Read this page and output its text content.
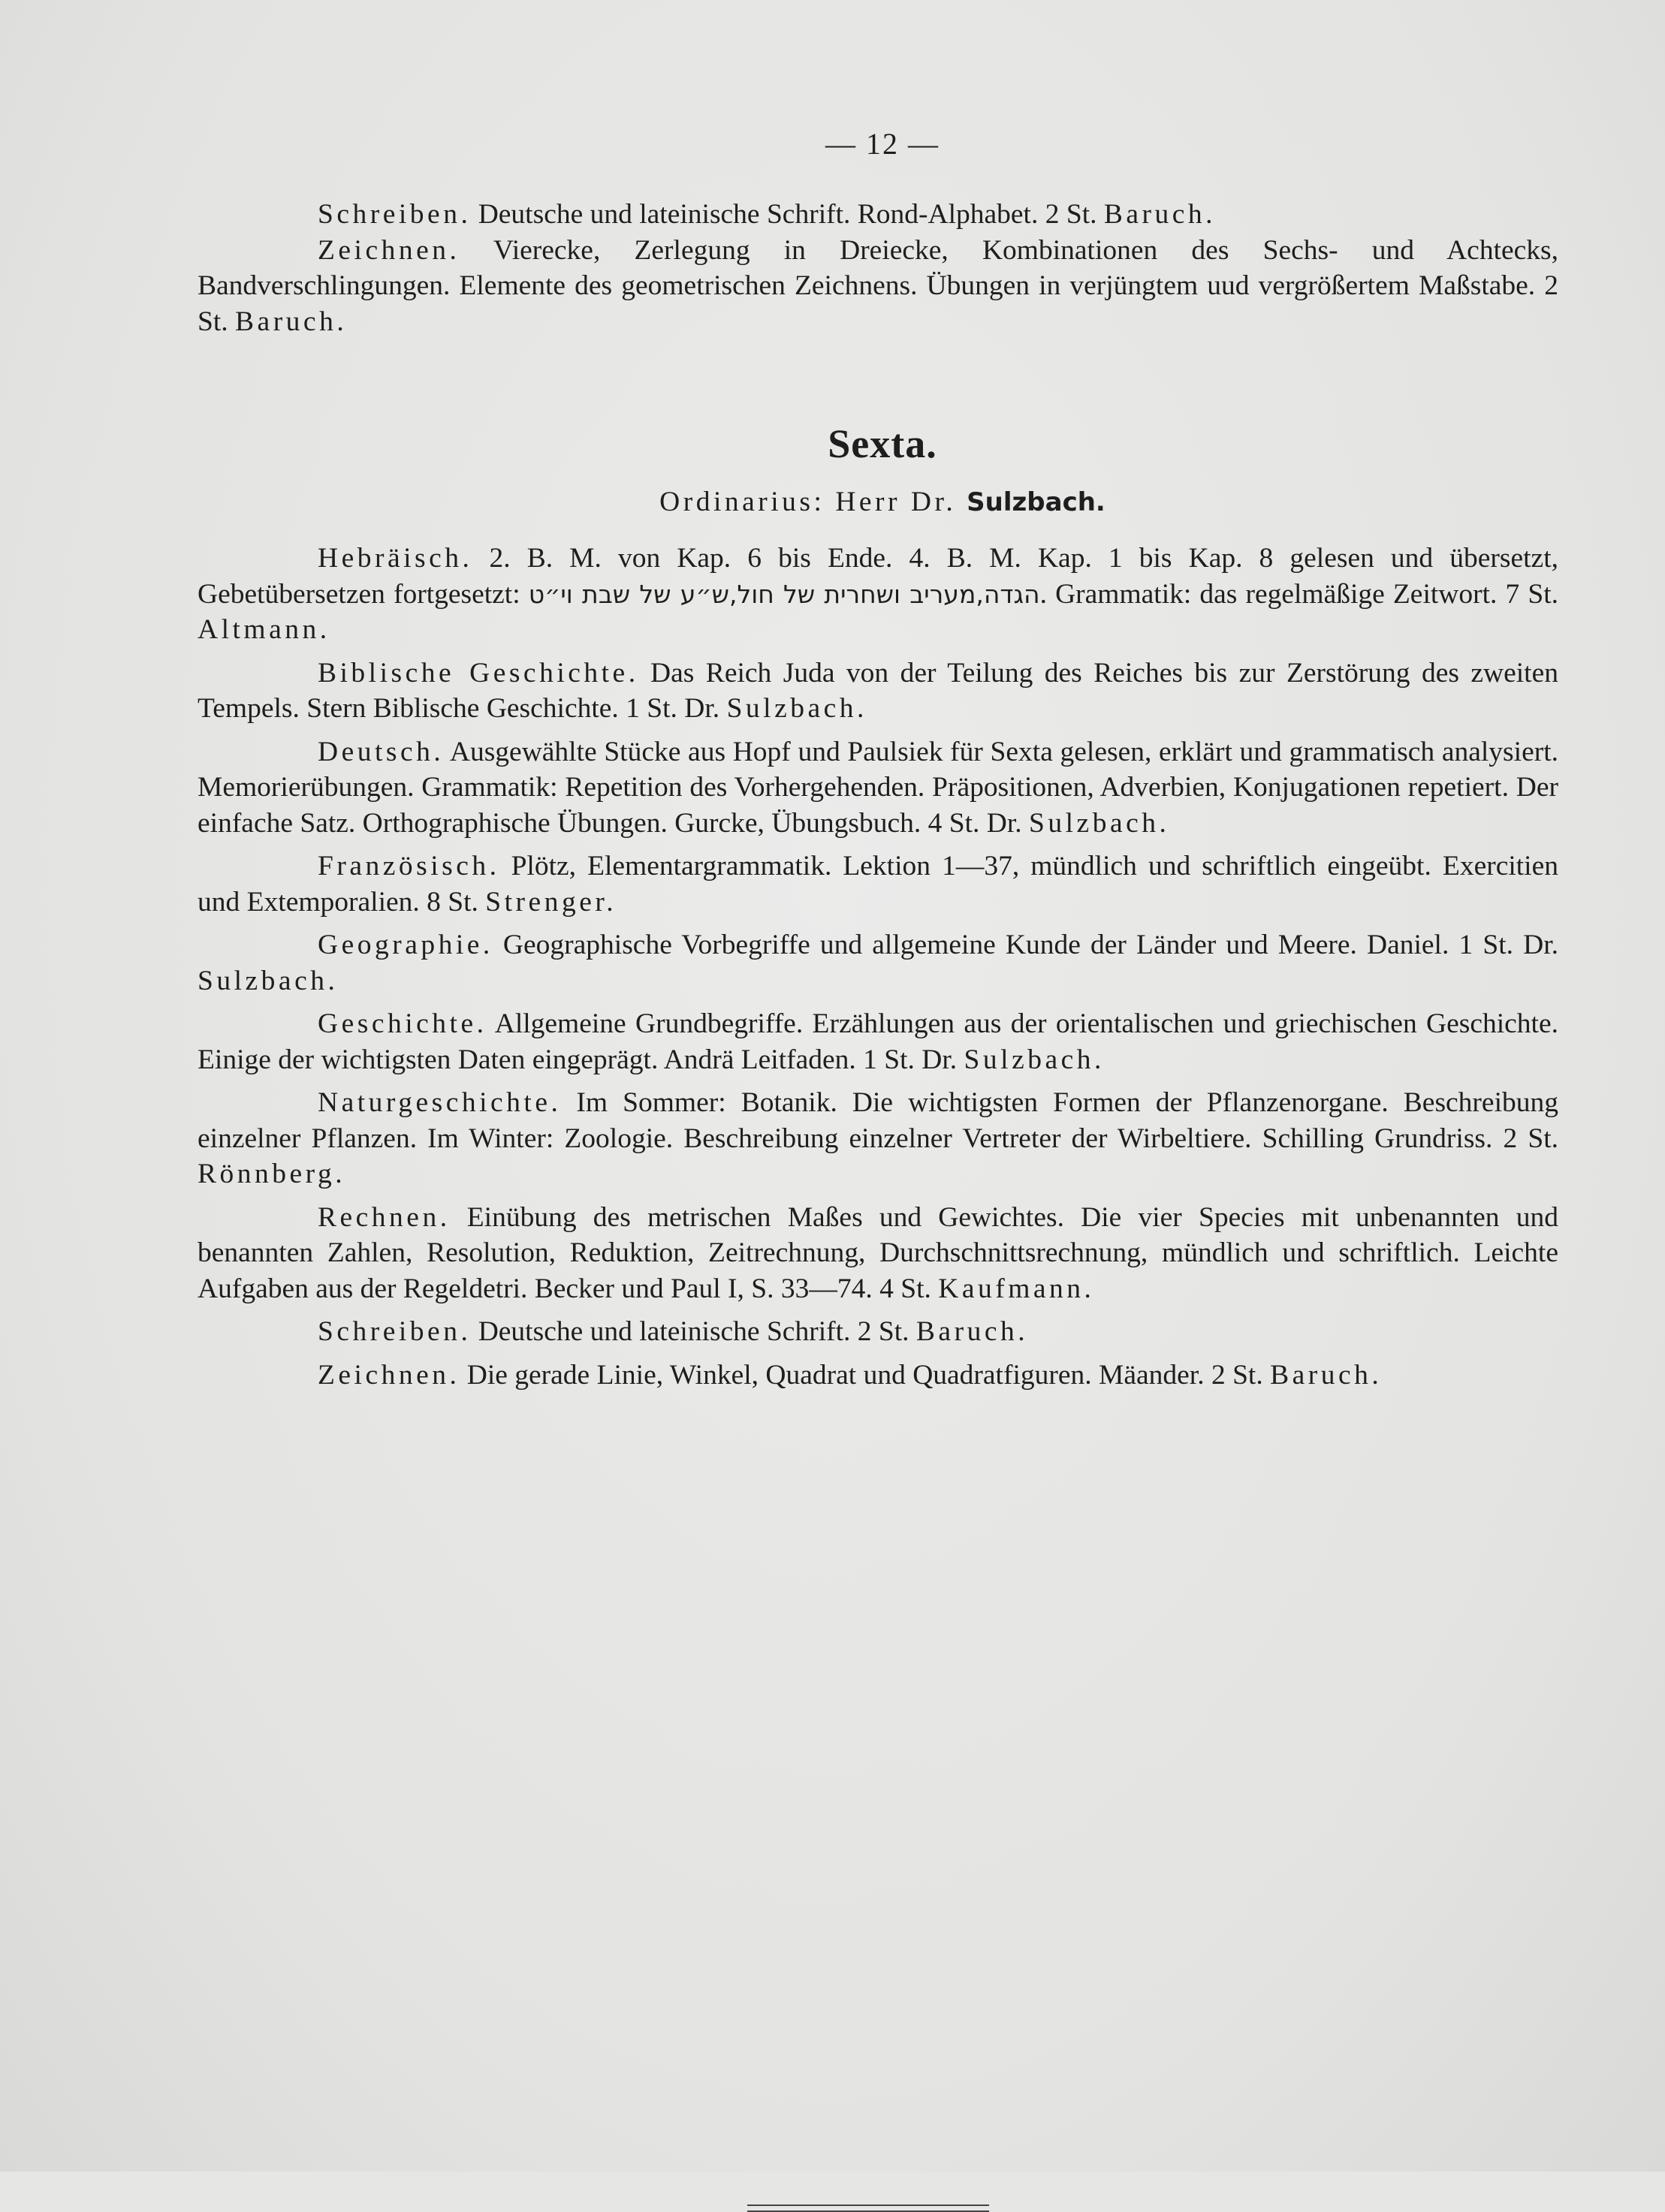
— 12 —

Schreiben. Deutsche und lateinische Schrift. Rond-Alphabet. 2 St. Baruch.

Zeichnen. Vierecke, Zerlegung in Dreiecke, Kombinationen des Sechs- und Achtecks, Bandverschlingungen. Elemente des geometrischen Zeichnens. Übungen in verjüngtem uud vergrößertem Maßstabe. 2 St. Baruch.

Sexta.
Ordinarius: Herr Dr. Sulzbach.

Hebräisch. 2. B. M. von Kap. 6 bis Ende. 4. B. M. Kap. 1 bis Kap. 8 gelesen und übersetzt, Gebetübersetzen fortgesetzt: הגדה,מעריב ושחרית של חול,ש״ע של שבת וי״ט. Grammatik: das regelmäßige Zeitwort. 7 St. Altmann.

Biblische Geschichte. Das Reich Juda von der Teilung des Reiches bis zur Zerstörung des zweiten Tempels. Stern Biblische Geschichte. 1 St. Dr. Sulzbach.

Deutsch. Ausgewählte Stücke aus Hopf und Paulsiek für Sexta gelesen, erklärt und grammatisch analysiert. Memorierübungen. Grammatik: Repetition des Vorhergehenden. Präpositionen, Adverbien, Konjugationen repetiert. Der einfache Satz. Orthographische Übungen. Gurcke, Übungsbuch. 4 St. Dr. Sulzbach.

Französisch. Plötz, Elementargrammatik. Lektion 1—37, mündlich und schriftlich eingeübt. Exercitien und Extemporalien. 8 St. Strenger.

Geographie. Geographische Vorbegriffe und allgemeine Kunde der Länder und Meere. Daniel. 1 St. Dr. Sulzbach.

Geschichte. Allgemeine Grundbegriffe. Erzählungen aus der orientalischen und griechischen Geschichte. Einige der wichtigsten Daten eingeprägt. Andrä Leitfaden. 1 St. Dr. Sulzbach.

Naturgeschichte. Im Sommer: Botanik. Die wichtigsten Formen der Pflanzenorgane. Beschreibung einzelner Pflanzen. Im Winter: Zoologie. Beschreibung einzelner Vertreter der Wirbeltiere. Schilling Grundriss. 2 St. Rönnberg.

Rechnen. Einübung des metrischen Maßes und Gewichtes. Die vier Species mit unbenannten und benannten Zahlen, Resolution, Reduktion, Zeitrechnung, Durchschnittsrechnung, mündlich und schriftlich. Leichte Aufgaben aus der Regeldetri. Becker und Paul I, S. 33—74. 4 St. Kaufmann.

Schreiben. Deutsche und lateinische Schrift. 2 St. Baruch.

Zeichnen. Die gerade Linie, Winkel, Quadrat und Quadratfiguren. Mäander. 2 St. Baruch.
